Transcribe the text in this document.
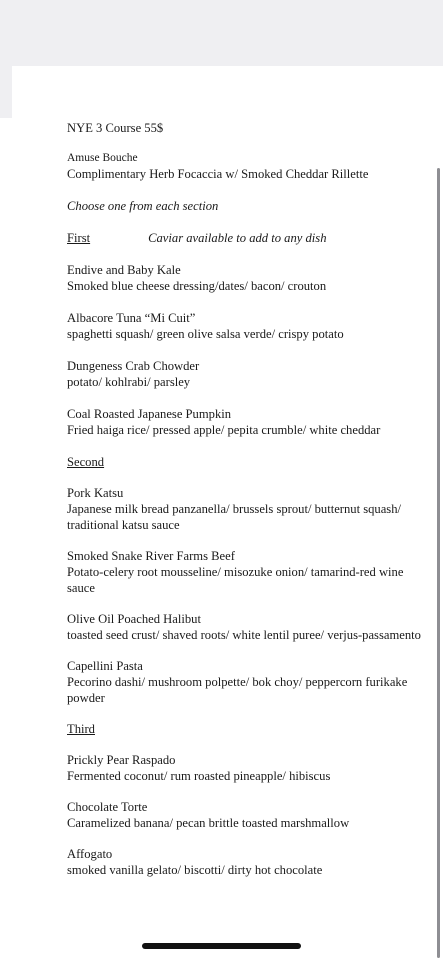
NYE 3 Course 55$
Amuse Bouche
Complimentary Herb Focaccia w/ Smoked Cheddar Rillette
Choose one from each section
First	Caviar available to add to any dish
Endive and Baby Kale
Smoked blue cheese dressing/dates/ bacon/ crouton
Albacore Tuna “Mi Cuit”
spaghetti squash/ green olive salsa verde/ crispy potato
Dungeness Crab Chowder
potato/ kohlrabi/ parsley
Coal Roasted Japanese Pumpkin
Fried haiga rice/ pressed apple/ pepita crumble/ white cheddar
Second
Pork Katsu
Japanese milk bread panzanella/ brussels sprout/ butternut squash/ traditional katsu sauce
Smoked Snake River Farms Beef
Potato-celery root mousseline/ misozuke onion/ tamarind-red wine sauce
Olive Oil Poached Halibut
toasted seed crust/ shaved roots/ white lentil puree/ verjus-passamento
Capellini Pasta
Pecorino dashi/ mushroom polpette/ bok choy/ peppercorn furikake powder
Third
Prickly Pear Raspado
Fermented coconut/ rum roasted pineapple/ hibiscus
Chocolate Torte
Caramelized banana/ pecan brittle toasted marshmallow
Affogato
smoked vanilla gelato/ biscotti/ dirty hot chocolate
